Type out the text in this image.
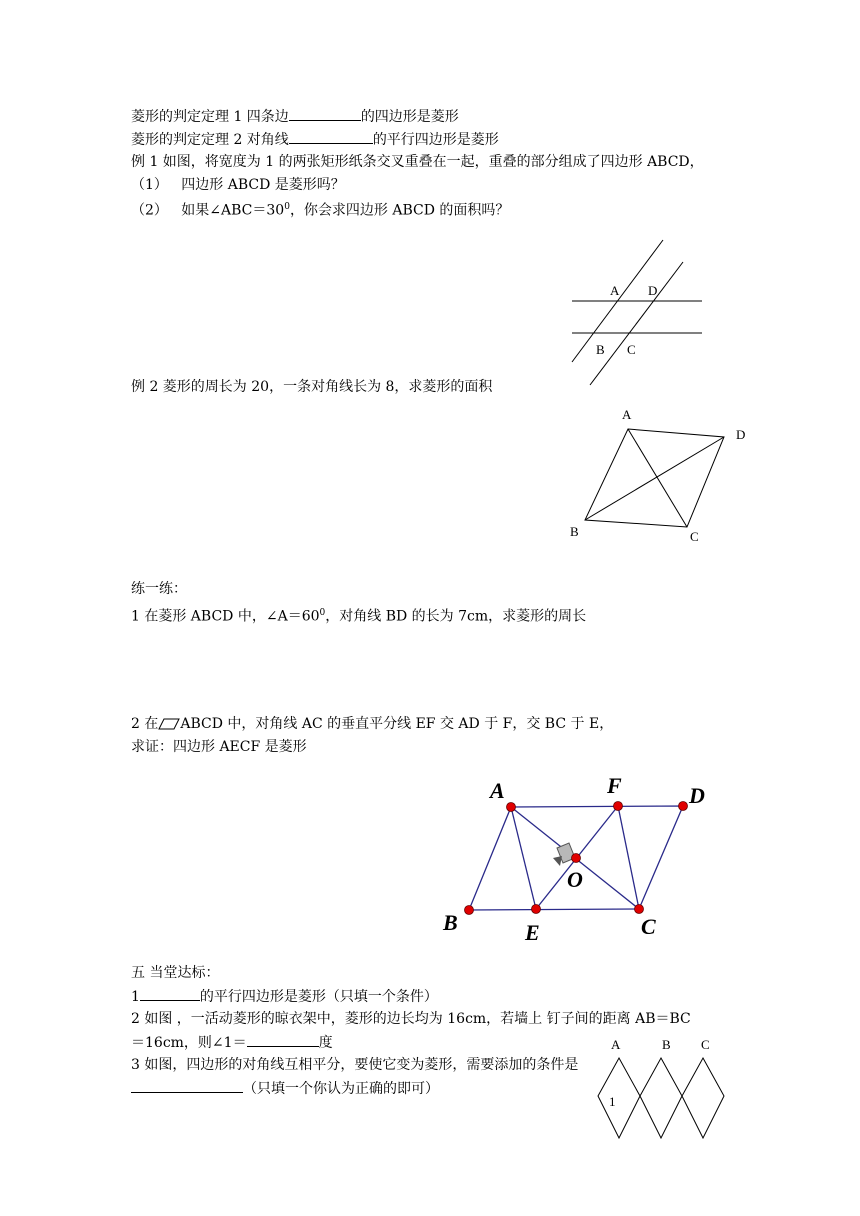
菱形的判定定理 1 四条边	的四边形是菱形
菱形的判定定理 2 对角线	的平行四边形是菱形
例 1 如图，将宽度为 1 的两张矩形纸条交叉重叠在一起，重叠的部分组成了四边形 ABCD，
（1） 四边形 ABCD 是菱形吗？
（2） 如果$\angle ABC=30^0$，你会求四边形 ABCD 的面积吗？
A D
B C
例 2 菱形的周长为 20，一条对角线长为 8，求菱形的面积
A
D
B	C
练一练：
1 在菱形 ABCD 中，$\angle A=60^0$，对角线 BD 的长为 7cm，求菱形的周长
2 在 ABCD 中，对角线 AC 的垂直平分线 EF 交 AD 于 F，交 BC 于 E，
求证：四边形 AECF 是菱形
A	F	D
O
B	E	C
五 当堂达标：
1	的平行四边形是菱形（只填一个条件）
2 如图 ，一活动菱形的晾衣架中，菱形的边长均为 16cm，若墙上 钉子间的距离 AB＝BC
＝16cm，则∠1＝	度
3 如图，四边形的对角线互相平分，要使它变为菱形，需要添加的条件是
（只填一个你认为正确的即可）
A	B C
1
